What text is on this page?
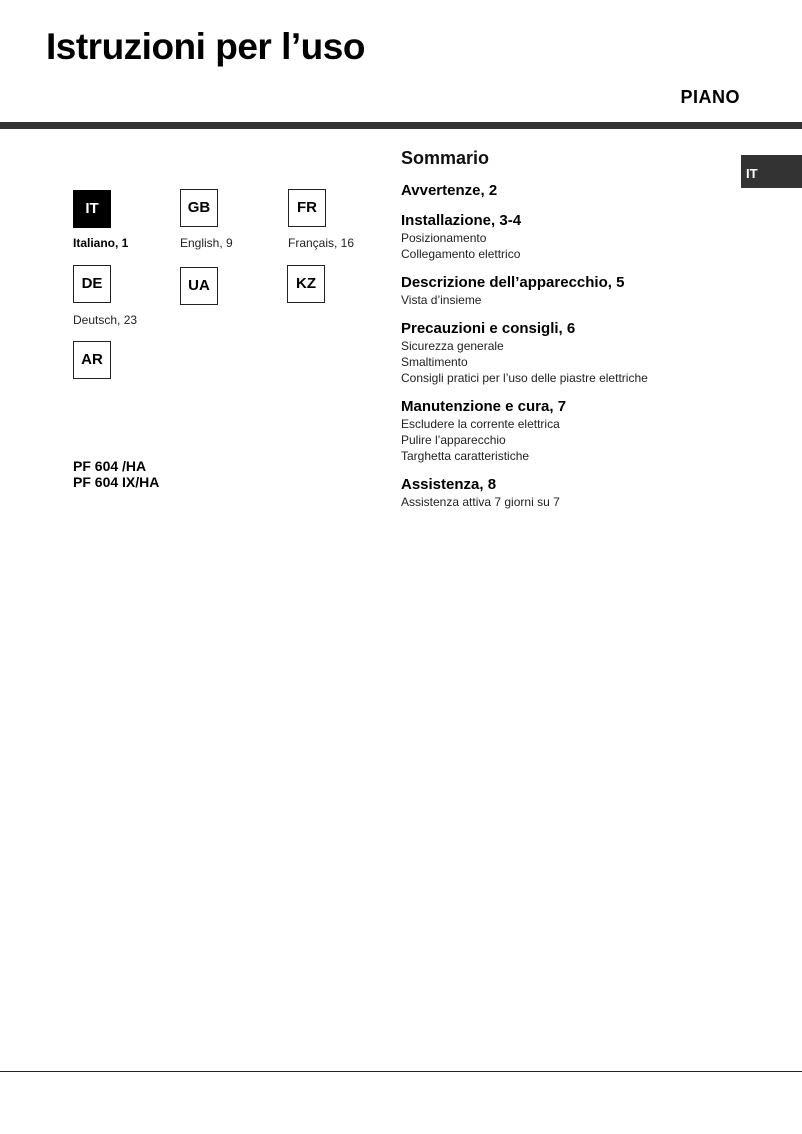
Istruzioni per l’uso
PIANO
IT
IT
Italiano, 1
GB
English, 9
FR
Français, 16
DE
Deutsch, 23
UA	KZ
AR
PF 604 /HA
PF 604 IX/HA
Sommario
Avvertenze, 2
Installazione, 3-4
Posizionamento
Collegamento elettrico
Descrizione dell’apparecchio, 5
Vista d’insieme
Precauzioni e consigli, 6
Sicurezza generale
Smaltimento
Consigli pratici per l’uso delle piastre elettriche
Manutenzione e cura, 7
Escludere la corrente elettrica
Pulire l’apparecchio
Targhetta caratteristiche
Assistenza, 8
Assistenza attiva 7 giorni su 7
